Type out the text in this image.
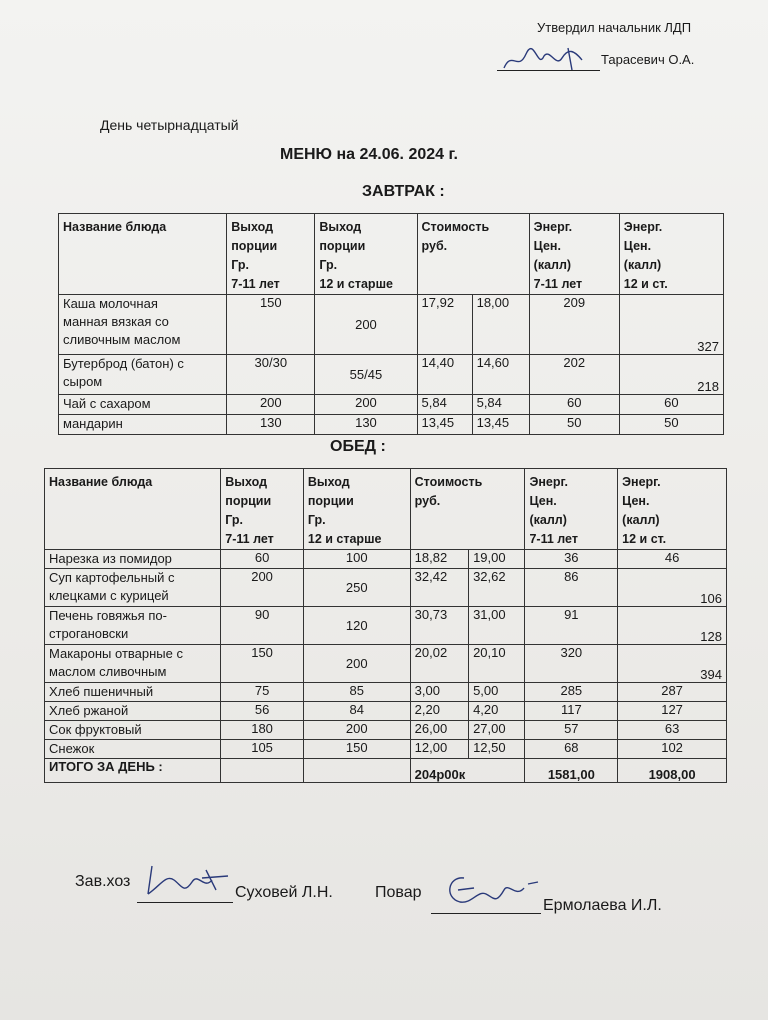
Утвердил начальник ЛДП
Тарасевич О.А.
День четырнадцатый
МЕНЮ на 24.06. 2024 г.
ЗАВТРАК :
Название блюда	Выход
порции
Гр.
7-11 лет	Выход
порции
Гр.
12 и старше	Стоимость
руб.		Энерг.
Цен.
(калл)
7-11 лет	Энерг.
Цен.
(калл)
12 и ст.
Каша молочная
манная вязкая со
сливочным маслом	150	200	17,92	18,00	209	327
Бутерброд (батон) с
сыром	30/30	55/45	14,40	14,60	202	218
Чай с сахаром	200	200	5,84	5,84	60	60
мандарин	130	130	13,45	13,45	50	50
ОБЕД :
Название блюда	Выход
порции
Гр.
7-11 лет	Выход
порции
Гр.
12 и старше	Стоимость
руб.		Энерг.
Цен.
(калл)
7-11 лет	Энерг.
Цен.
(калл)
12 и ст.
Нарезка из помидор	60	100	18,82	19,00	36	46
Суп картофельный с
клецками с курицей	200	250	32,42	32,62	86	106
Печень говяжья по-
строгановски	90	120	30,73	31,00	91	128
Макароны отварные с
маслом сливочным	150	200	20,02	20,10	320	394
Хлеб пшеничный	75	85	3,00	5,00	285	287
Хлеб ржаной	56	84	2,20	4,20	117	127
Сок фруктовый	180	200	26,00	27,00	57	63
Снежок	105	150	12,00	12,50	68	102
ИТОГО ЗА ДЕНЬ :			204р00к		1581,00	1908,00
Зав.хоз
Суховей Л.Н.	Повар
Ермолаева И.Л.
